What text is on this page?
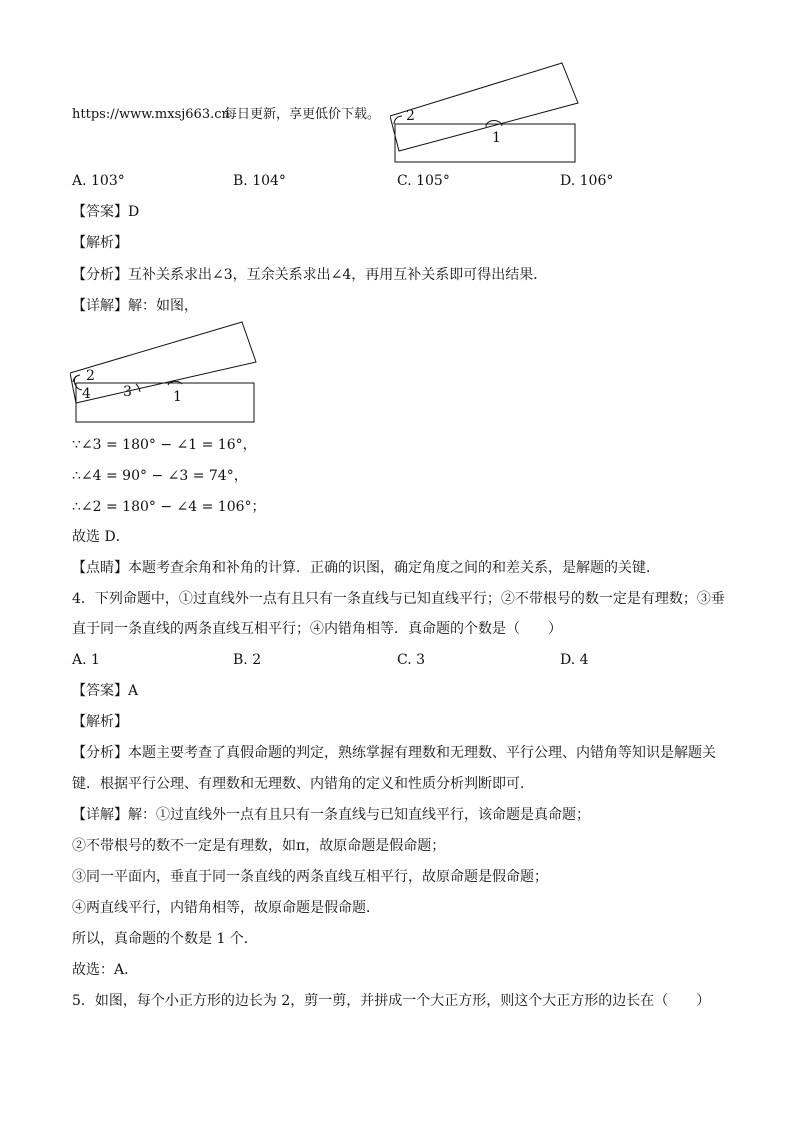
https://www.mxsj663.cn
每日更新，享更低价下载。 2
1
A. 103°	B. 104°	C. 105°	D. 106°
【答案】D
【解析】
【分析】互补关系求出∠3，互余关系求出∠4，再用互补关系即可得出结果．
【详解】解：如图，
2
4 3	1
∵∠3 = 180° − ∠1 = 16°，
∴∠4 = 90° − ∠3 = 74°，
∴∠2 = 180° − ∠4 = 106°；
故选 D．
【点睛】本题考查余角和补角的计算．正确的识图，确定角度之间的和差关系，是解题的关键．
4．下列命题中，①过直线外一点有且只有一条直线与已知直线平行；②不带根号的数一定是有理数；③垂
直于同一条直线的两条直线互相平行；④内错角相等．真命题的个数是（　　）
A. 1	B. 2	C. 3	D. 4
【答案】A
【解析】
【分析】本题主要考查了真假命题的判定，熟练掌握有理数和无理数、平行公理、内错角等知识是解题关
键．根据平行公理、有理数和无理数、内错角的定义和性质分析判断即可．
【详解】解：①过直线外一点有且只有一条直线与已知直线平行，该命题是真命题；
②不带根号的数不一定是有理数，如π，故原命题是假命题；
③同一平面内，垂直于同一条直线的两条直线互相平行，故原命题是假命题；
④两直线平行，内错角相等，故原命题是假命题．
所以，真命题的个数是 1 个．
故选：A．
5．如图，每个小正方形的边长为 2，剪一剪，并拼成一个大正方形，则这个大正方形的边长在（　　）
